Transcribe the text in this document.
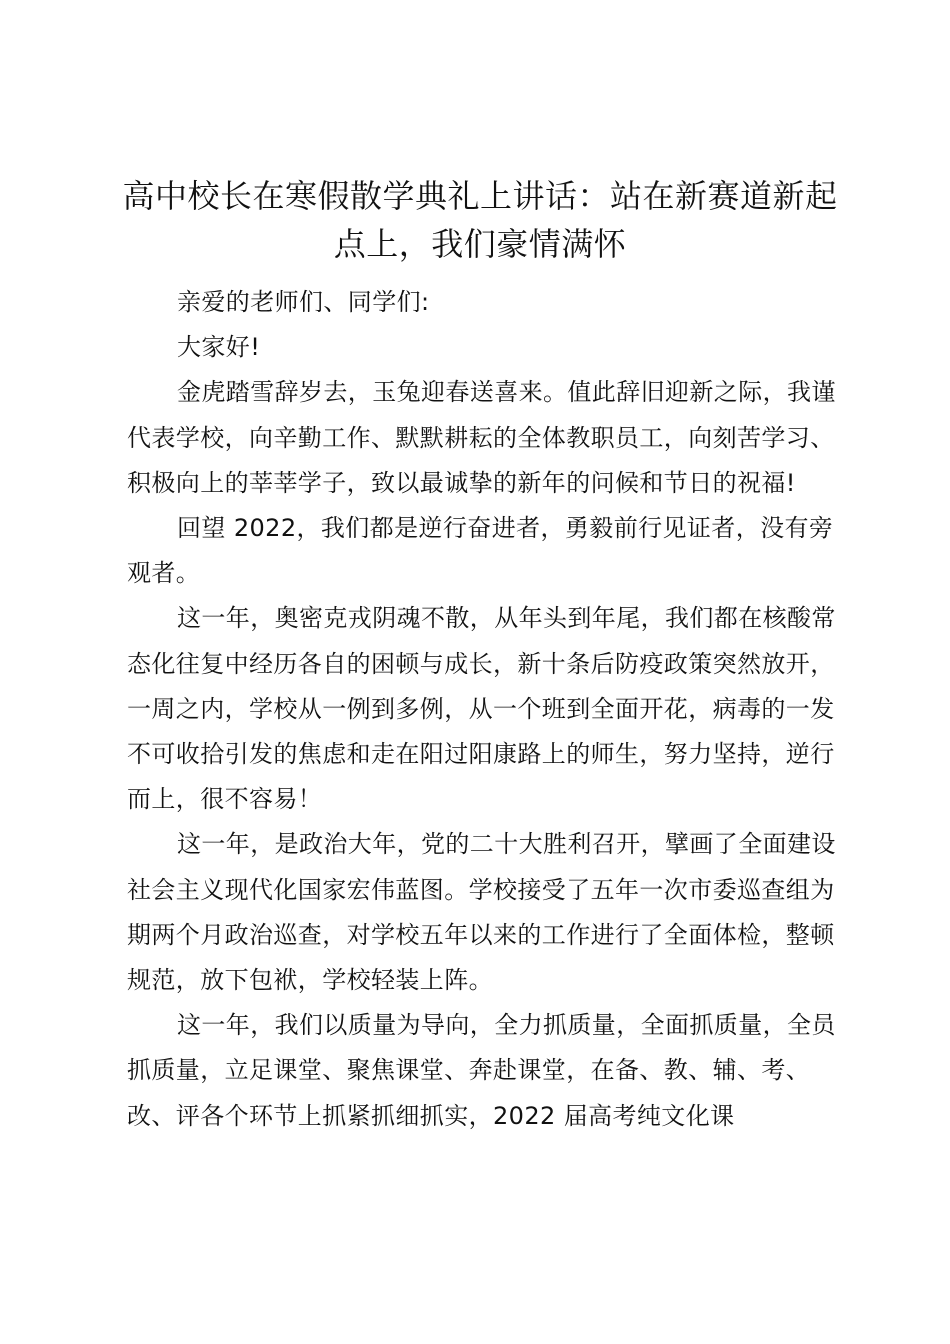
高中校长在寒假散学典礼上讲话：站在新赛道新起点上，我们豪情满怀

亲爱的老师们、同学们:

大家好!

金虎踏雪辞岁去，玉兔迎春送喜来。值此辞旧迎新之际，我谨代表学校，向辛勤工作、默默耕耘的全体教职员工，向刻苦学习、积极向上的莘莘学子，致以最诚挚的新年的问候和节日的祝福!

回望 2022，我们都是逆行奋进者，勇毅前行见证者，没有旁观者。

这一年，奥密克戎阴魂不散，从年头到年尾，我们都在核酸常态化往复中经历各自的困顿与成长，新十条后防疫政策突然放开，一周之内，学校从一例到多例，从一个班到全面开花，病毒的一发不可收拾引发的焦虑和走在阳过阳康路上的师生，努力坚持，逆行而上，很不容易！

这一年，是政治大年，党的二十大胜利召开，擘画了全面建设社会主义现代化国家宏伟蓝图。学校接受了五年一次市委巡查组为期两个月政治巡查，对学校五年以来的工作进行了全面体检，整顿规范，放下包袱，学校轻装上阵。

这一年，我们以质量为导向，全力抓质量，全面抓质量，全员抓质量，立足课堂、聚焦课堂、奔赴课堂，在备、教、辅、考、改、评各个环节上抓紧抓细抓实，2022 届高考纯文化课
